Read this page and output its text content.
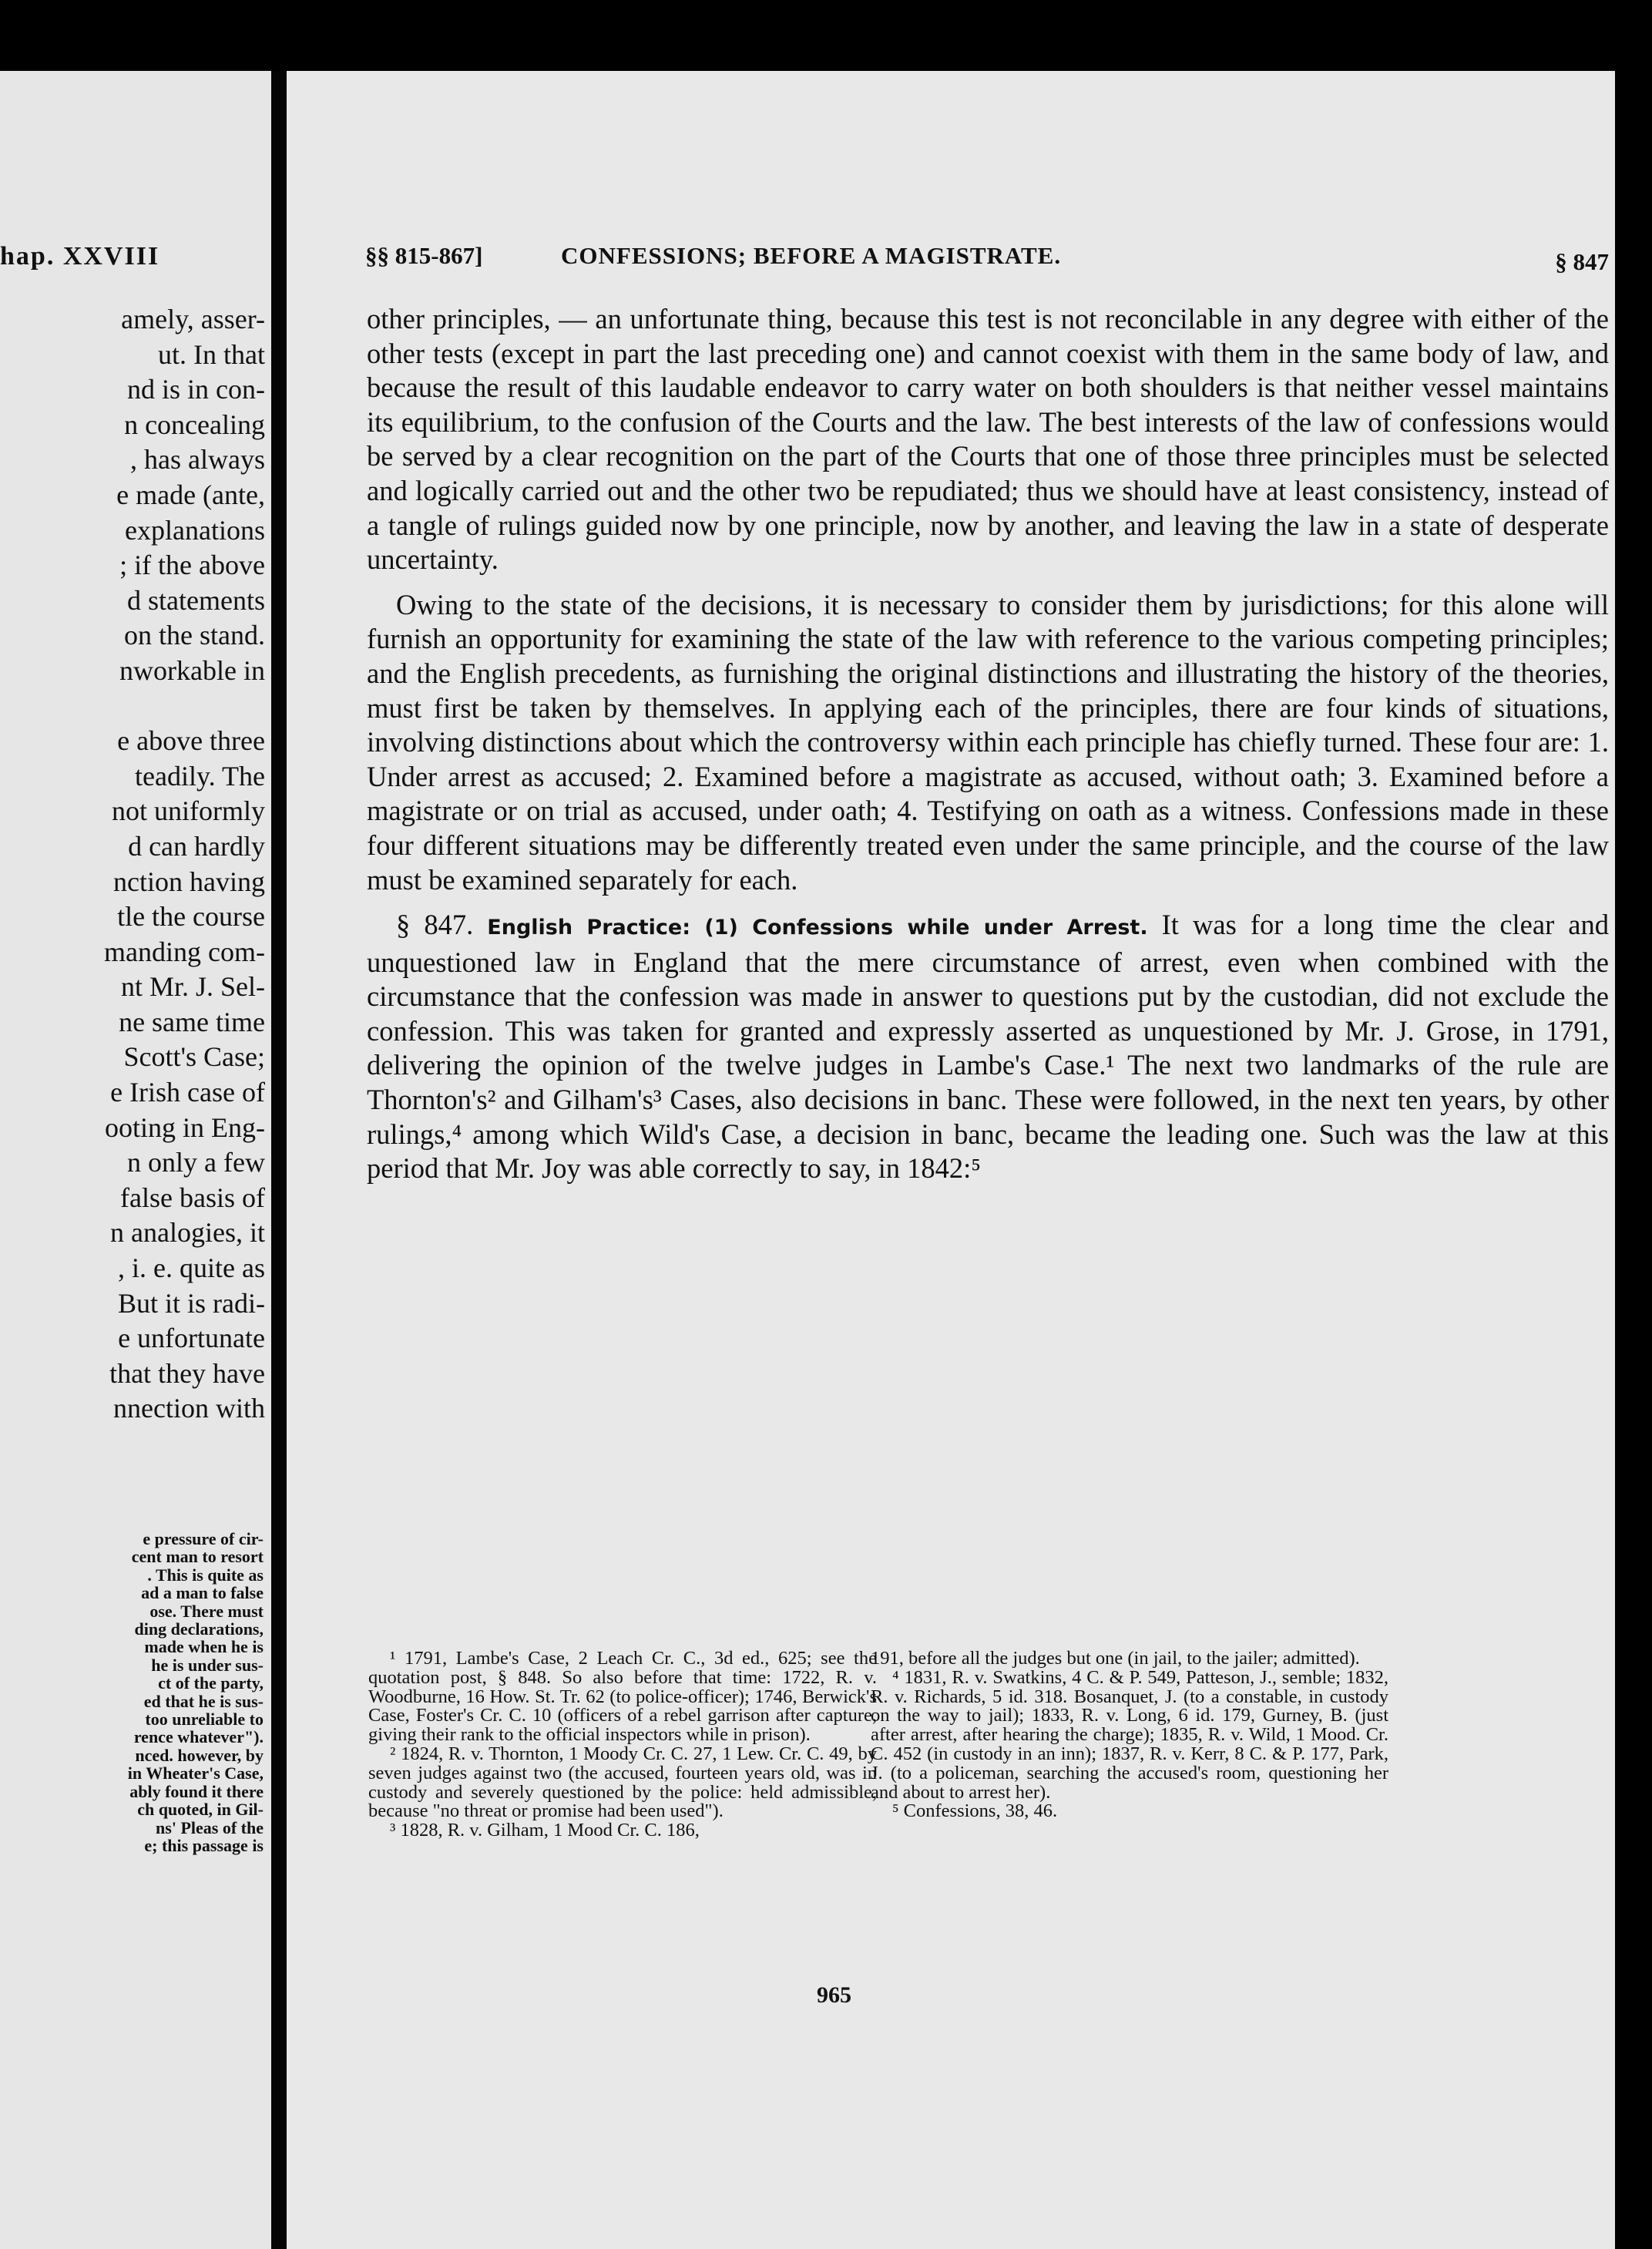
hap. XXVIII
amely, asser-
ut. In that
nd is in con-
n concealing
, has always
e made (ante,
explanations
; if the above
d statements
on the stand.
nworkable in

e above three
teadily. The
not uniformly
d can hardly
nction having
tle the course
manding com-
nt Mr. J. Sel-
ne same time
Scott's Case;
e Irish case of
ooting in Eng-
n only a few
false basis of
n analogies, it
, i. e. quite as
But it is radi-
e unfortunate
that they have
nnection with
e pressure of cir-
cent man to resort
. This is quite as
ad a man to false
ose. There must
ding declarations,
made when he is
he is under sus-
ct of the party,
ed that he is sus-
too unreliable to
rence whatever").
nced. however, by
in Wheater's Case,
ably found it there
ch quoted, in Gil-
ns' Pleas of the
e; this passage is
§§ 815-867]	CONFESSIONS; BEFORE A MAGISTRATE.	§ 847

other principles, — an unfortunate thing, because this test is not reconcilable in any degree with either of the other tests (except in part the last preceding one) and cannot coexist with them in the same body of law, and because the result of this laudable endeavor to carry water on both shoulders is that neither vessel maintains its equilibrium, to the confusion of the Courts and the law. The best interests of the law of confessions would be served by a clear recognition on the part of the Courts that one of those three principles must be selected and logically carried out and the other two be repudiated; thus we should have at least consistency, instead of a tangle of rulings guided now by one principle, now by another, and leaving the law in a state of desperate uncertainty.

Owing to the state of the decisions, it is necessary to consider them by jurisdictions; for this alone will furnish an opportunity for examining the state of the law with reference to the various competing principles; and the English precedents, as furnishing the original distinctions and illustrating the history of the theories, must first be taken by themselves. In applying each of the principles, there are four kinds of situations, involving distinctions about which the controversy within each principle has chiefly turned. These four are: 1. Under arrest as accused; 2. Examined before a magistrate as accused, without oath; 3. Examined before a magistrate or on trial as accused, under oath; 4. Testifying on oath as a witness. Confessions made in these four different situations may be differently treated even under the same principle, and the course of the law must be examined separately for each.

§ 847. English Practice: (1) Confessions while under Arrest. It was for a long time the clear and unquestioned law in England that the mere circumstance of arrest, even when combined with the circumstance that the confession was made in answer to questions put by the custodian, did not exclude the confession. This was taken for granted and expressly asserted as unquestioned by Mr. J. Grose, in 1791, delivering the opinion of the twelve judges in Lambe's Case.¹ The next two landmarks of the rule are Thornton's² and Gilham's³ Cases, also decisions in banc. These were followed, in the next ten years, by other rulings,⁴ among which Wild's Case, a decision in banc, became the leading one. Such was the law at this period that Mr. Joy was able correctly to say, in 1842:⁵

¹ 1791, Lambe's Case, 2 Leach Cr. C., 3d ed., 625; see the quotation post, § 848. So also before that time: 1722, R. v. Woodburne, 16 How. St. Tr. 62 (to police-officer); 1746, Berwick's Case, Foster's Cr. C. 10 (officers of a rebel garrison after capture, giving their rank to the official inspectors while in prison).

² 1824, R. v. Thornton, 1 Moody Cr. C. 27, 1 Lew. Cr. C. 49, by seven judges against two (the accused, fourteen years old, was in custody and severely questioned by the police: held admissible, because "no threat or promise had been used").

³ 1828, R. v. Gilham, 1 Mood Cr. C. 186,

191, before all the judges but one (in jail, to the jailer; admitted).

⁴ 1831, R. v. Swatkins, 4 C. & P. 549, Patteson, J., semble; 1832, R. v. Richards, 5 id. 318. Bosanquet, J. (to a constable, in custody on the way to jail); 1833, R. v. Long, 6 id. 179, Gurney, B. (just after arrest, after hearing the charge); 1835, R. v. Wild, 1 Mood. Cr. C. 452 (in custody in an inn); 1837, R. v. Kerr, 8 C. & P. 177, Park, J. (to a policeman, searching the accused's room, questioning her and about to arrest her).

⁵ Confessions, 38, 46.

965
